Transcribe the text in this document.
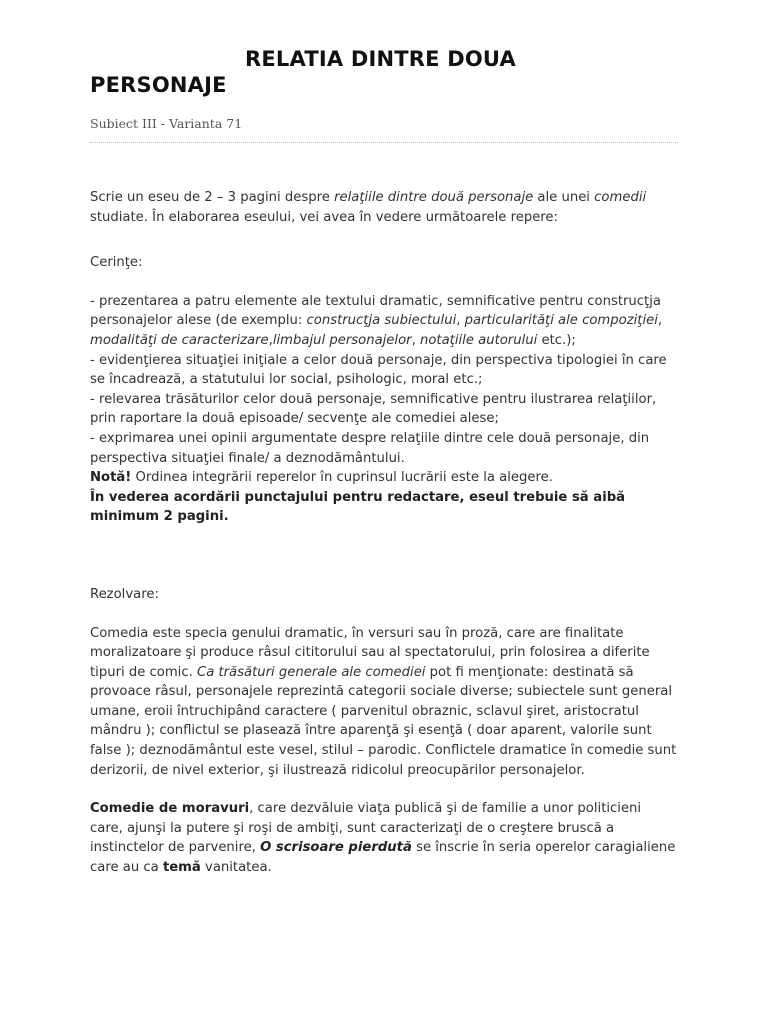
RELATIA DINTRE DOUA
PERSONAJE
Subiect III - Varianta 71

Scrie un eseu de 2 – 3 pagini despre relaţiile dintre două personaje ale unei comedii studiate. În elaborarea eseului, vei avea în vedere următoarele repere:

Cerinţe:

- prezentarea a patru elemente ale textului dramatic, semnificative pentru construcţja personajelor alese (de exemplu: construcţja subiectului, particularităţi ale compoziţiei, modalităţi de caracterizare,limbajul personajelor, notaţiile autorului etc.);

- evidenţierea situaţiei iniţiale a celor două personaje, din perspectiva tipologiei în care se încadrează, a statutului lor social, psihologic, moral etc.;

- relevarea trăsăturilor celor două personaje, semnificative pentru ilustrarea relaţiilor, prin raportare la două episoade/ secvenţe ale comediei alese;

- exprimarea unei opinii argumentate despre relaţiile dintre cele două personaje, din perspectiva situaţiei finale/ a deznodământului.

Notă! Ordinea integrării reperelor în cuprinsul lucrării este la alegere.

În vederea acordării punctajului pentru redactare, eseul trebuie să aibă minimum 2 pagini.

Rezolvare:

Comedia este specia genului dramatic, în versuri sau în proză, care are finalitate moralizatoare şi produce râsul cititorului sau al spectatorului, prin folosirea a diferite tipuri de comic. Ca trăsături generale ale comediei pot fi menţionate: destinată să provoace râsul, personajele reprezintă categorii sociale diverse; subiectele sunt general umane, eroii întruchipând caractere ( parvenitul obraznic, sclavul şiret, aristocratul mândru ); conflictul se plasează între aparenţă şi esenţă ( doar aparent, valorile sunt false ); deznodământul este vesel, stilul – parodic. Conflictele dramatice în comedie sunt derizorii, de nivel exterior, şi ilustrează ridicolul preocupărilor personajelor.

Comedie de moravuri, care dezvăluie viaţa publică şi de familie a unor politicieni care, ajunşi la putere şi roşi de ambiţi, sunt caracterizaţi de o creştere bruscă a instinctelor de parvenire, O scrisoare pierdută se înscrie în seria operelor caragialiene care au ca temă vanitatea.
